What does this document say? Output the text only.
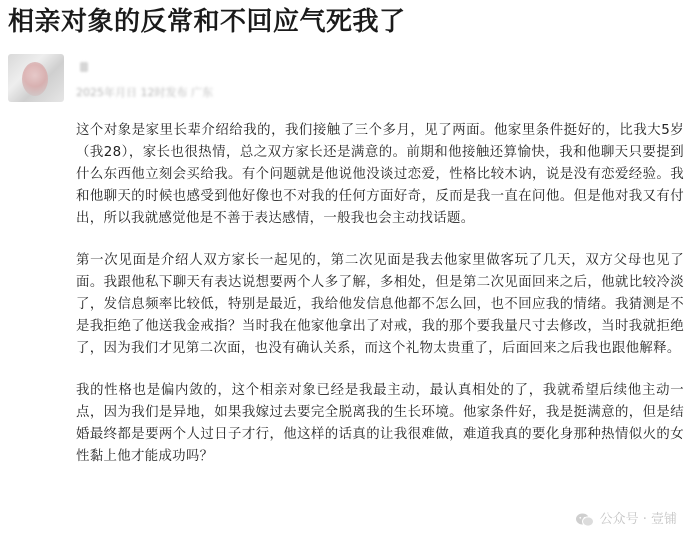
相亲对象的反常和不回应气死我了

2025年月日 12时发布 广东

这个对象是家里长辈介绍给我的，我们接触了三个多月，见了两面。他家里条件挺好的，比我大5岁（我28），家长也很热情，总之双方家长还是满意的。前期和他接触还算愉快，我和他聊天只要提到什么东西他立刻会买给我。有个问题就是他说他没谈过恋爱，性格比较木讷，说是没有恋爱经验。我和他聊天的时候也感受到他好像也不对我的任何方面好奇，反而是我一直在问他。但是他对我又有付出，所以我就感觉他是不善于表达感情，一般我也会主动找话题。

第一次见面是介绍人双方家长一起见的，第二次见面是我去他家里做客玩了几天，双方父母也见了面。我跟他私下聊天有表达说想要两个人多了解，多相处，但是第二次见面回来之后，他就比较冷淡了，发信息频率比较低，特别是最近，我给他发信息他都不怎么回，也不回应我的情绪。我猜测是不是我拒绝了他送我金戒指？当时我在他家他拿出了对戒，我的那个要我量尺寸去修改，当时我就拒绝了，因为我们才见第二次面，也没有确认关系，而这个礼物太贵重了，后面回来之后我也跟他解释。

我的性格也是偏内敛的，这个相亲对象已经是我最主动，最认真相处的了，我就希望后续他主动一点，因为我们是异地，如果我嫁过去要完全脱离我的生长环境。他家条件好，我是挺满意的，但是结婚最终都是要两个人过日子才行，他这样的话真的让我很难做，难道我真的要化身那种热情似火的女性黏上他才能成功吗？

公众号 · 壹铺
